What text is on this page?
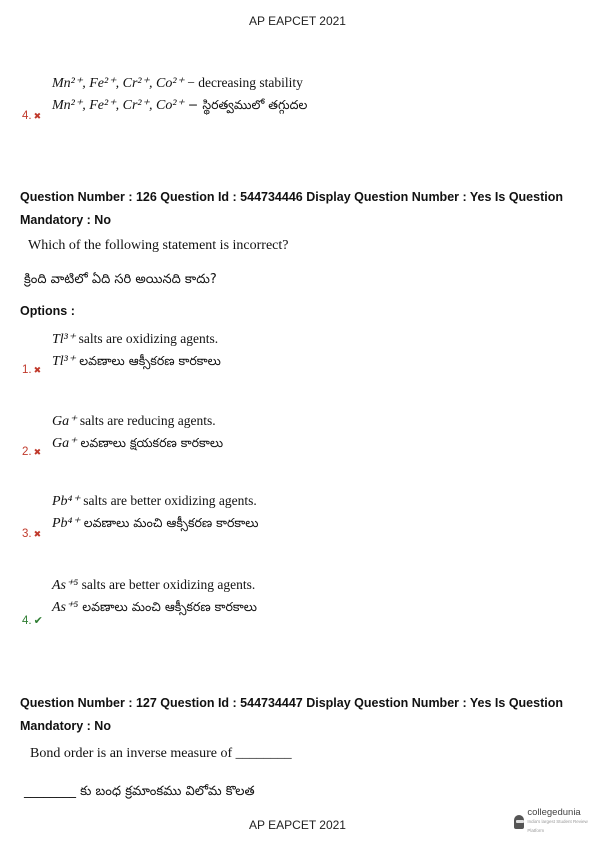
AP EAPCET 2021
Mn²⁺, Fe²⁺, Cr²⁺, Co²⁺ − decreasing stability
Mn²⁺, Fe²⁺, Cr²⁺, Co²⁺ − స్థిరత్వములో తగ్గుదల
4. ✖
Question Number : 126 Question Id : 544734446 Display Question Number : Yes Is Question
Mandatory : No
Which of the following statement is incorrect?
క్రింది వాటిలో ఏది సరి అయినది కాదు?
Options :
Tl³⁺ salts are oxidizing agents.
Tl³⁺ లవణాలు ఆక్సీకరణ కారకాలు
1. ✖
Ga⁺ salts are reducing agents.
Ga⁺ లవణాలు క్షయకరణ కారకాలు
2. ✖
Pb⁴⁺ salts are better oxidizing agents.
Pb⁴⁺ లవణాలు మంచి ఆక్సీకరణ కారకాలు
3. ✖
As⁺⁵ salts are better oxidizing agents.
As⁺⁵ లవణాలు మంచి ఆక్సీకరణ కారకాలు
4. ✔
Question Number : 127 Question Id : 544734447 Display Question Number : Yes Is Question
Mandatory : No
Bond order is an inverse measure of ________
________ కు బంధ క్రమాంకము విలోమ కొలత
AP EAPCET 2021
collegedunia
India's largest Student Review Platform
